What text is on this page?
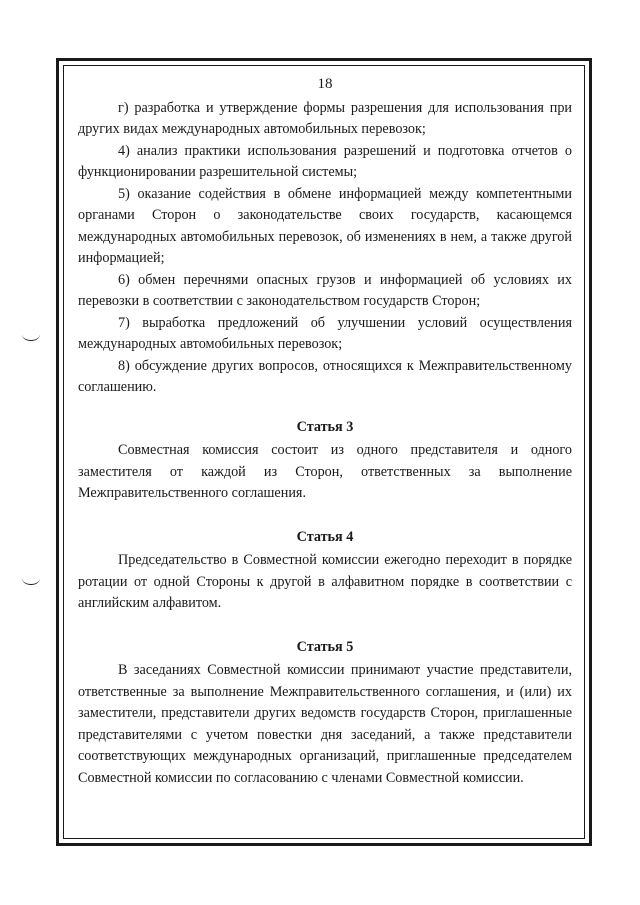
18

г) разработка и утверждение формы разрешения для использования при других видах международных автомобильных перевозок;

4) анализ практики использования разрешений и подготовка отчетов о функционировании разрешительной системы;

5) оказание содействия в обмене информацией между компетентными органами Сторон о законодательстве своих государств, касающемся международных автомобильных перевозок, об изменениях в нем, а также другой информацией;

6) обмен перечнями опасных грузов и информацией об условиях их перевозки в соответствии с законодательством государств Сторон;

7) выработка предложений об улучшении условий осуществления международных автомобильных перевозок;

8) обсуждение других вопросов, относящихся к Межправительственному соглашению.

Статья 3

Совместная комиссия состоит из одного представителя и одного заместителя от каждой из Сторон, ответственных за выполнение Межправительственного соглашения.

Статья 4

Председательство в Совместной комиссии ежегодно переходит в порядке ротации от одной Стороны к другой в алфавитном порядке в соответствии с английским алфавитом.

Статья 5

В заседаниях Совместной комиссии принимают участие представители, ответственные за выполнение Межправительственного соглашения, и (или) их заместители, представители других ведомств государств Сторон, приглашенные представителями с учетом повестки дня заседаний, а также представители соответствующих международных организаций, приглашенные председателем Совместной комиссии по согласованию с членами Совместной комиссии.
